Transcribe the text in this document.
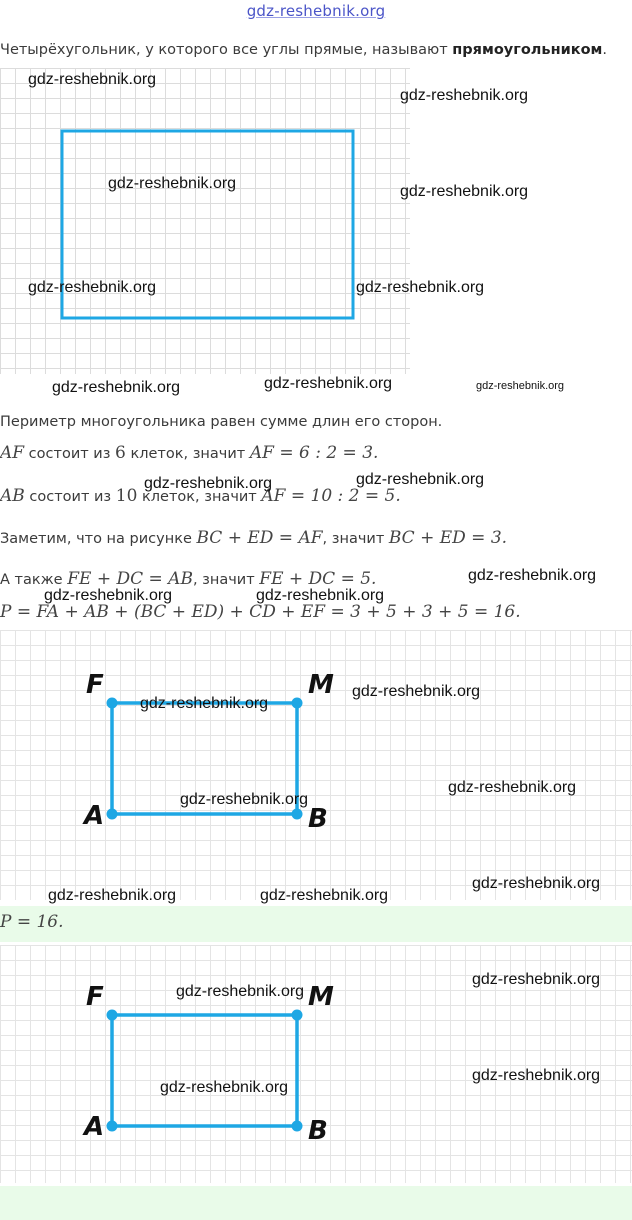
gdz-reshebnik.org
Четырёхугольник, у которого все углы прямые, называют прямоугольником.
Периметр многоугольника равен сумме длин его сторон.
AF состоит из 6 клеток, значит AF = 6 : 2 = 3.
AB состоит из 10 клеток, значит AF = 10 : 2 = 5.
Заметим, что на рисунке BC + ED = AF, значит BC + ED = 3.
А также FE + DC = AB, значит FE + DC = 5.
P = FA + AB + (BC + ED) + CD + EF = 3 + 5 + 3 + 5 = 16.
F	M
A	B
P = 16.
F	M
A	B
gdz-reshebnik.org
gdz-reshebnik.org
gdz-reshebnik.org	gdz-reshebnik.org
gdz-reshebnik.org	gdz-reshebnik.org
gdz-reshebnik.org	gdz-reshebnik.org	gdz-reshebnik.org
gdz-reshebnik.org
gdz-reshebnik.org
gdz-reshebnik.org
gdz-reshebnik.org	gdz-reshebnik.org
gdz-reshebnik.org
gdz-reshebnik.org
gdz-reshebnik.org
gdz-reshebnik.org
gdz-reshebnik.org
gdz-reshebnik.org	gdz-reshebnik.org
gdz-reshebnik.org
gdz-reshebnik.org
gdz-reshebnik.org
gdz-reshebnik.org
